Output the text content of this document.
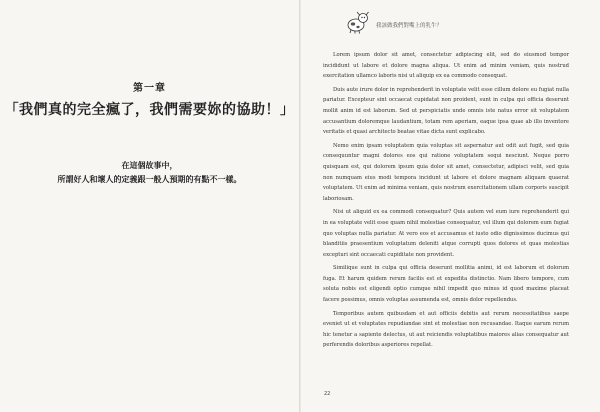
第一章
「我們真的完全瘋了，我們需要妳的協助！」
在這個故事中，
所謂好人和壞人的定義跟一般人預期的有點不一樣。
我該做我們對嘴上的乳牛？

Lorem ipsum dolor sit amet, consectetur adipiscing elit, sed do eiusmod tempor incididunt ut labore et dolore magna aliqua. Ut enim ad minim veniam, quis nostrud exercitation ullamco laboris nisi ut aliquip ex ea commodo consequat.

Duis aute irure dolor in reprehenderit in voluptate velit esse cillum dolore eu fugiat nulla pariatur. Excepteur sint occaecat cupidatat non proident, sunt in culpa qui officia deserunt mollit anim id est laborum. Sed ut perspiciatis unde omnis iste natus error sit voluptatem accusantium doloremque laudantium, totam rem aperiam, eaque ipsa quae ab illo inventore veritatis et quasi architecto beatae vitae dicta sunt explicabo.

Nemo enim ipsam voluptatem quia voluptas sit aspernatur aut odit aut fugit, sed quia consequuntur magni dolores eos qui ratione voluptatem sequi nesciunt. Neque porro quisquam est, qui dolorem ipsum quia dolor sit amet, consectetur, adipisci velit, sed quia non numquam eius modi tempora incidunt ut labore et dolore magnam aliquam quaerat voluptatem. Ut enim ad minima veniam, quis nostrum exercitationem ullam corporis suscipit laboriosam.

Nisi ut aliquid ex ea commodi consequatur? Quis autem vel eum iure reprehenderit qui in ea voluptate velit esse quam nihil molestiae consequatur, vel illum qui dolorem eum fugiat quo voluptas nulla pariatur. At vero eos et accusamus et iusto odio dignissimos ducimus qui blanditiis praesentium voluptatum deleniti atque corrupti quos dolores et quas molestias excepturi sint occaecati cupiditate non provident.

Similique sunt in culpa qui officia deserunt mollitia animi, id est laborum et dolorum fuga. Et harum quidem rerum facilis est et expedita distinctio. Nam libero tempore, cum soluta nobis est eligendi optio cumque nihil impedit quo minus id quod maxime placeat facere possimus, omnis voluptas assumenda est, omnis dolor repellendus.

Temporibus autem quibusdam et aut officiis debitis aut rerum necessitatibus saepe eveniet ut et voluptates repudiandae sint et molestiae non recusandae. Itaque earum rerum hic tenetur a sapiente delectus, ut aut reiciendis voluptatibus maiores alias consequatur aut perferendis doloribus asperiores repellat.

22
